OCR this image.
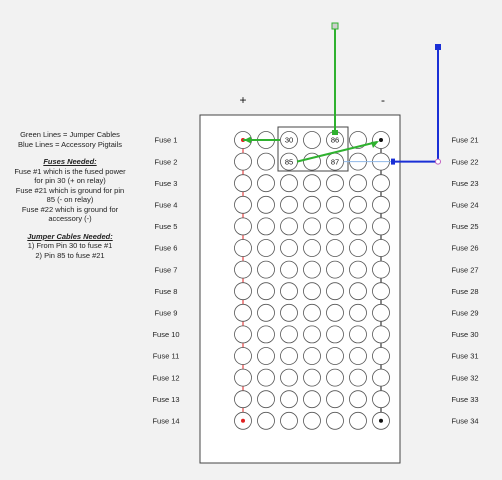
Green Lines = Jumper Cables
Blue Lines = Accessory Pigtails
Fuses Needed:
Fuse #1 which is the fused power
for pin 30 (+ on relay)
Fuse #21 which is ground for pin
85 (- on relay)
Fuse #22 which is ground for
accessory (-)
Jumper Cables Needed:
1) From Pin 30 to fuse #1
2) Pin 85 to fuse #21
+	-
30	86
85	87
Fuse 1
Fuse 2
Fuse 3
Fuse 4
Fuse 5
Fuse 6
Fuse 7
Fuse 8
Fuse 9
Fuse 10
Fuse 11
Fuse 12
Fuse 13
Fuse 14
Fuse 21
Fuse 22
Fuse 23
Fuse 24
Fuse 25
Fuse 26
Fuse 27
Fuse 28
Fuse 29
Fuse 30
Fuse 31
Fuse 32
Fuse 33
Fuse 34
